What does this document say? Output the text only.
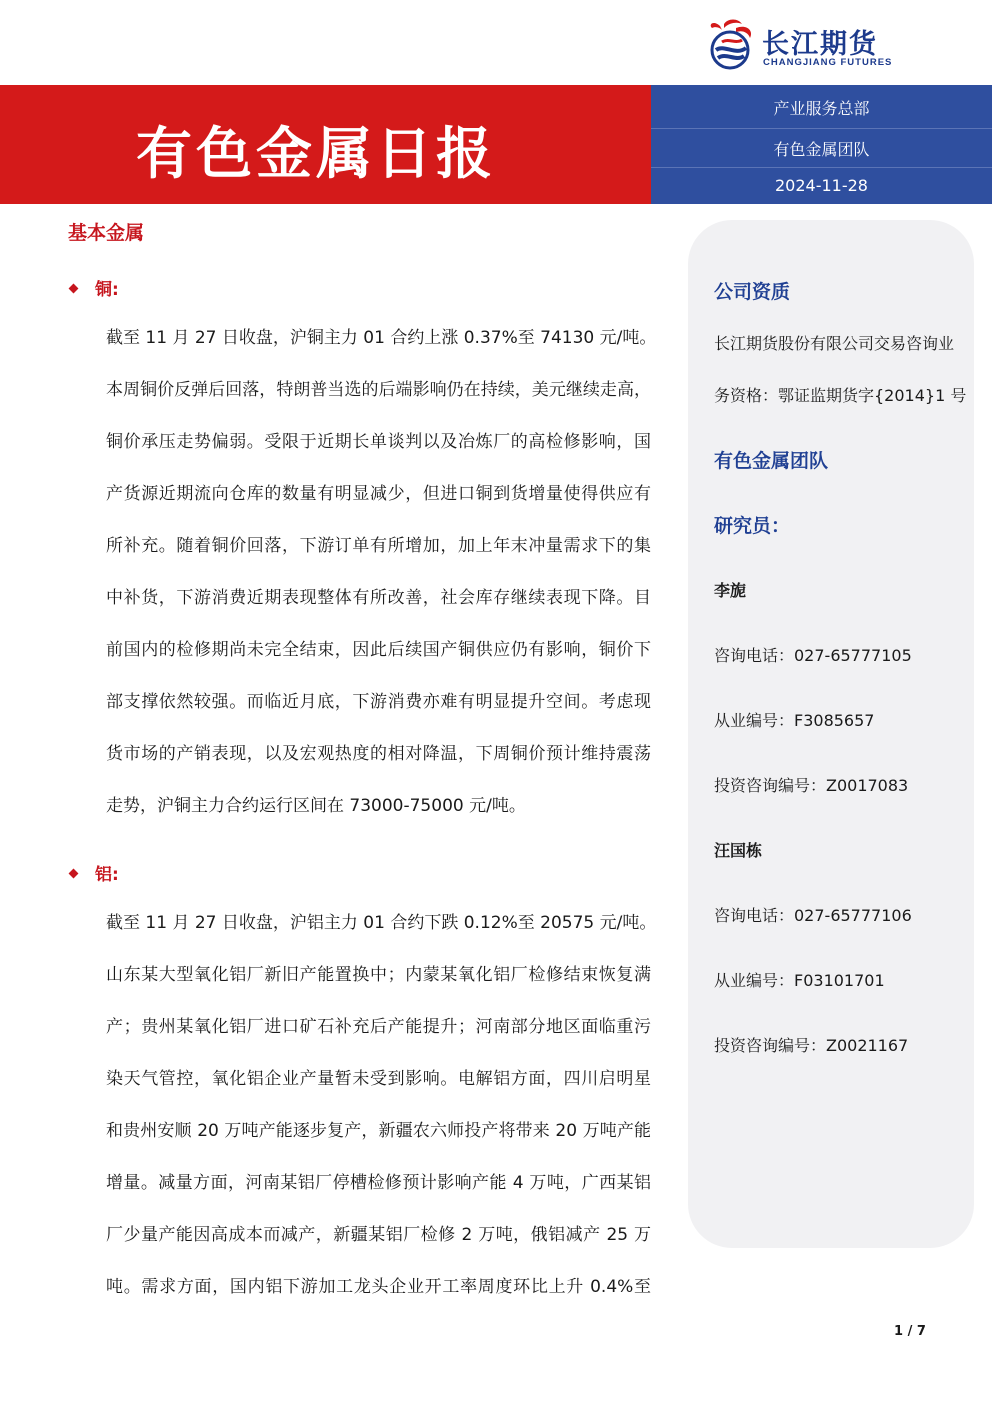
长江期货
CHANGJIANG FUTURES
有色金属日报
产业服务总部
有色金属团队
2024-11-28
基本金属
铜:
截至 11 月 27 日收盘，沪铜主力 01 合约上涨 0.37%至 74130 元/吨。
本周铜价反弹后回落，特朗普当选的后端影响仍在持续，美元继续走高，
铜价承压走势偏弱。受限于近期长单谈判以及冶炼厂的高检修影响，国
产货源近期流向仓库的数量有明显减少，但进口铜到货增量使得供应有
所补充。随着铜价回落，下游订单有所增加，加上年末冲量需求下的集
中补货，下游消费近期表现整体有所改善，社会库存继续表现下降。目
前国内的检修期尚未完全结束，因此后续国产铜供应仍有影响，铜价下
部支撑依然较强。而临近月底，下游消费亦难有明显提升空间。考虑现
货市场的产销表现，以及宏观热度的相对降温，下周铜价预计维持震荡
走势，沪铜主力合约运行区间在 73000-75000 元/吨。
铝:
截至 11 月 27 日收盘，沪铝主力 01 合约下跌 0.12%至 20575 元/吨。
山东某大型氧化铝厂新旧产能置换中；内蒙某氧化铝厂检修结束恢复满
产；贵州某氧化铝厂进口矿石补充后产能提升；河南部分地区面临重污
染天气管控，氧化铝企业产量暂未受到影响。电解铝方面，四川启明星
和贵州安顺 20 万吨产能逐步复产，新疆农六师投产将带来 20 万吨产能
增量。减量方面，河南某铝厂停槽检修预计影响产能 4 万吨，广西某铝
厂少量产能因高成本而减产，新疆某铝厂检修 2 万吨，俄铝减产 25 万
吨。需求方面，国内铝下游加工龙头企业开工率周度环比上升 0.4%至
公司资质
长江期货股份有限公司交易咨询业
务资格：鄂证监期货字{2014}1 号
有色金属团队
研究员：
李旎
咨询电话：027-65777105
从业编号：F3085657
投资咨询编号：Z0017083
汪国栋
咨询电话：027-65777106
从业编号：F03101701
投资咨询编号：Z0021167
1 / 7
